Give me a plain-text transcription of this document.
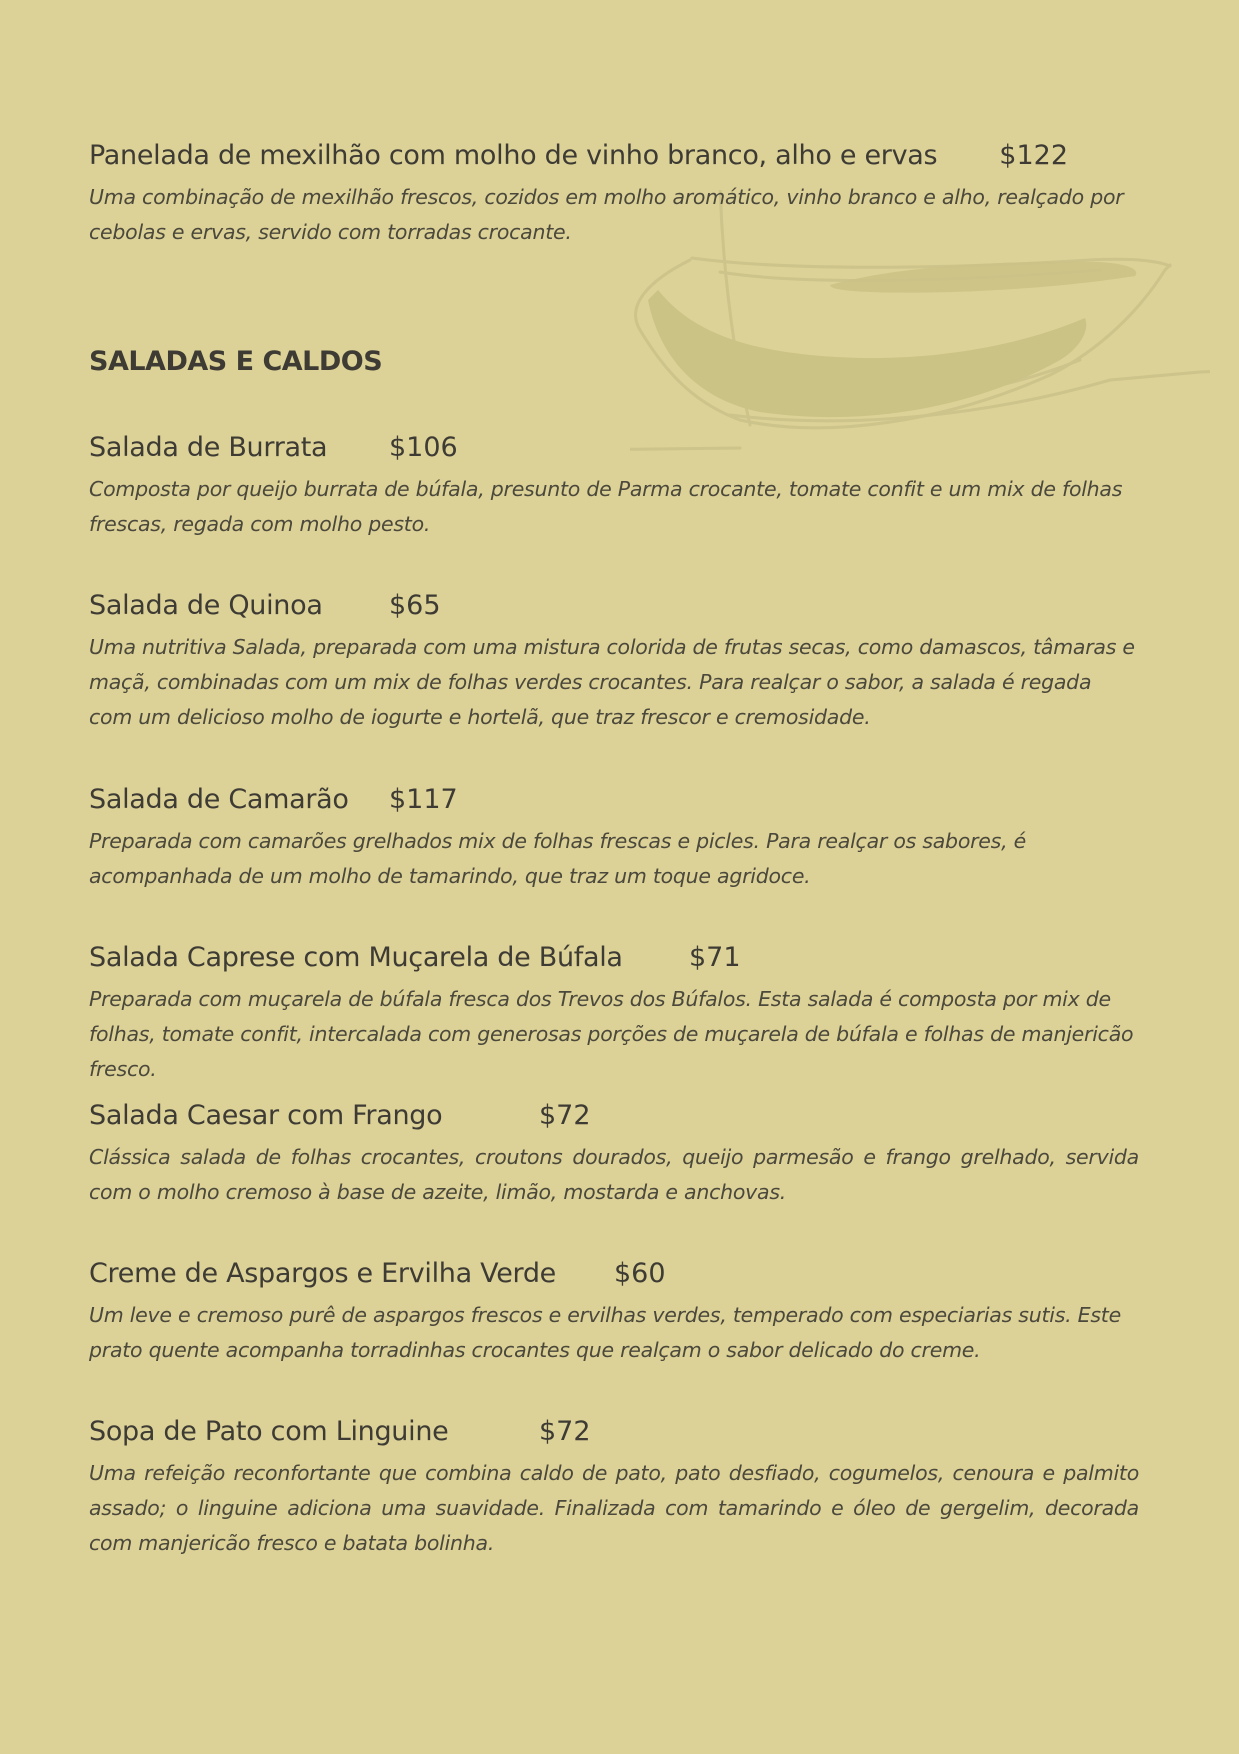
Panelada de mexilhão com molho de vinho branco, alho e ervas $122
Uma combinação de mexilhão frescos, cozidos em molho aromático, vinho branco e alho, realçado por cebolas e ervas, servido com torradas crocante.
SALADAS E CALDOS
Salada de Burrata	$106
Composta por queijo burrata de búfala, presunto de Parma crocante, tomate confit e um mix de folhas frescas, regada com molho pesto.
Salada de Quinoa	$65
Uma nutritiva Salada, preparada com uma mistura colorida de frutas secas, como damascos, tâmaras e maçã, combinadas com um mix de folhas verdes crocantes. Para realçar o sabor, a salada é regada com um delicioso molho de iogurte e hortelã, que traz frescor e cremosidade.
Salada de Camarão	$117
Preparada com camarões grelhados mix de folhas frescas e picles. Para realçar os sabores, é acompanhada de um molho de tamarindo, que traz um toque agridoce.
Salada Caprese com Muçarela de Búfala	$71
Preparada com muçarela de búfala fresca dos Trevos dos Búfalos. Esta salada é composta por mix de folhas, tomate confit, intercalada com generosas porções de muçarela de búfala e folhas de manjericão fresco.
Salada Caesar com Frango	$72
Clássica salada de folhas crocantes, croutons dourados, queijo parmesão e frango grelhado, servida com o molho cremoso à base de azeite, limão, mostarda e anchovas.
Creme de Aspargos e Ervilha Verde	$60
Um leve e cremoso purê de aspargos frescos e ervilhas verdes, temperado com especiarias sutis. Este prato quente acompanha torradinhas crocantes que realçam o sabor delicado do creme.
Sopa de Pato com Linguine	$72
Uma refeição reconfortante que combina caldo de pato, pato desfiado, cogumelos, cenoura e palmito assado; o linguine adiciona uma suavidade. Finalizada com tamarindo e óleo de gergelim, decorada com manjericão fresco e batata bolinha.
